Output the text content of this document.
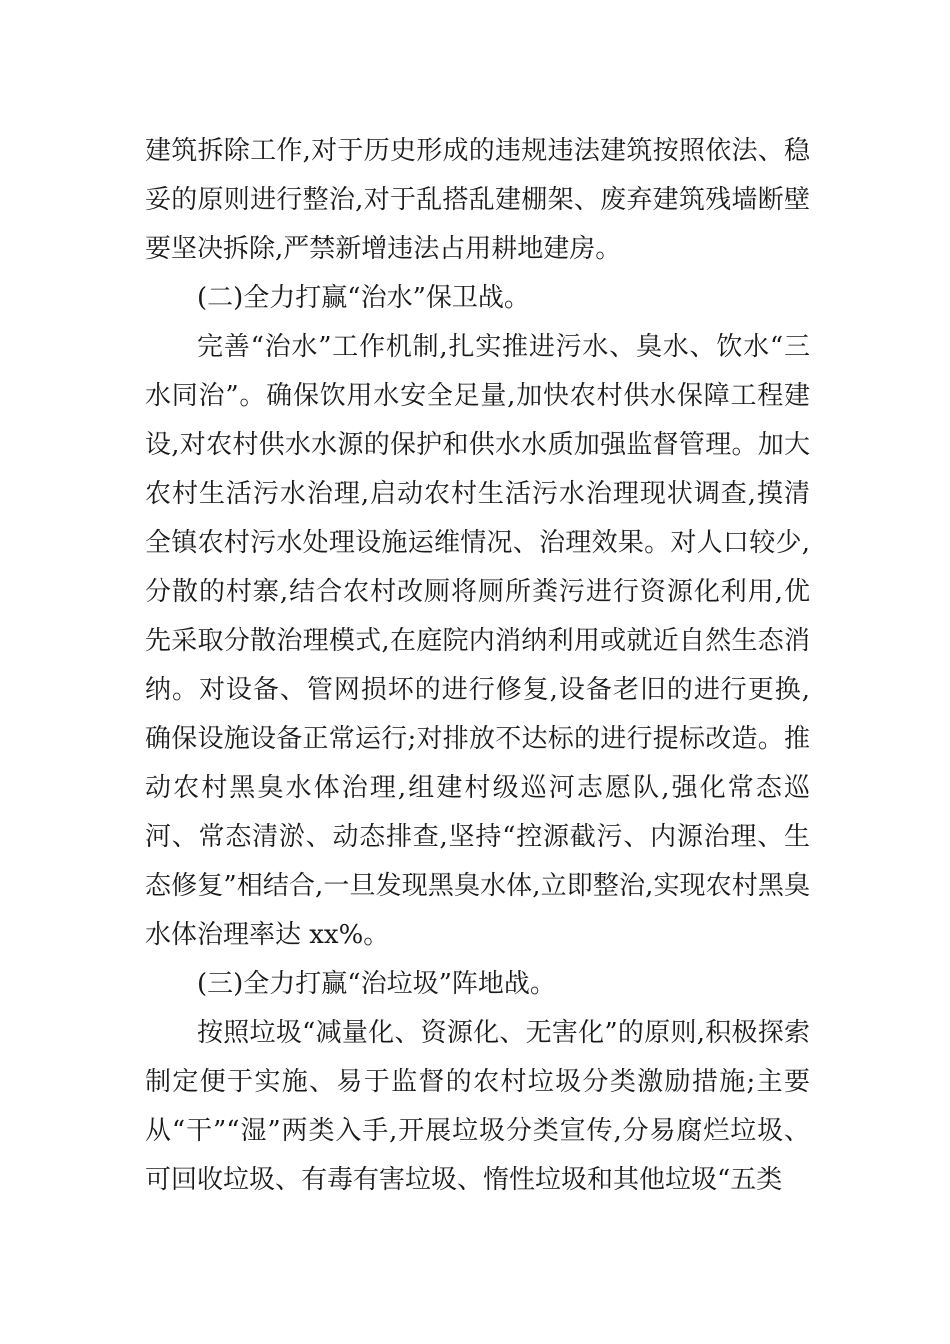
建筑拆除工作,对于历史形成的违规违法建筑按照依法、稳妥的原则进行整治,对于乱搭乱建棚架、废弃建筑残墙断壁要坚决拆除,严禁新增违法占用耕地建房。

(二)全力打赢“治水”保卫战。

完善“治水”工作机制,扎实推进污水、臭水、饮水“三水同治”。确保饮用水安全足量,加快农村供水保障工程建设,对农村供水水源的保护和供水水质加强监督管理。加大农村生活污水治理,启动农村生活污水治理现状调查,摸清全镇农村污水处理设施运维情况、治理效果。对人口较少,分散的村寨,结合农村改厕将厕所粪污进行资源化利用,优先采取分散治理模式,在庭院内消纳利用或就近自然生态消纳。对设备、管网损坏的进行修复,设备老旧的进行更换,确保设施设备正常运行;对排放不达标的进行提标改造。推动农村黑臭水体治理,组建村级巡河志愿队,强化常态巡河、常态清淤、动态排查,坚持“控源截污、内源治理、生态修复”相结合,一旦发现黑臭水体,立即整治,实现农村黑臭水体治理率达 xx%。

(三)全力打赢“治垃圾”阵地战。

按照垃圾“减量化、资源化、无害化”的原则,积极探索制定便于实施、易于监督的农村垃圾分类激励措施;主要从“干”“湿”两类入手,开展垃圾分类宣传,分易腐烂垃圾、可回收垃圾、有毒有害垃圾、惰性垃圾和其他垃圾“五类
